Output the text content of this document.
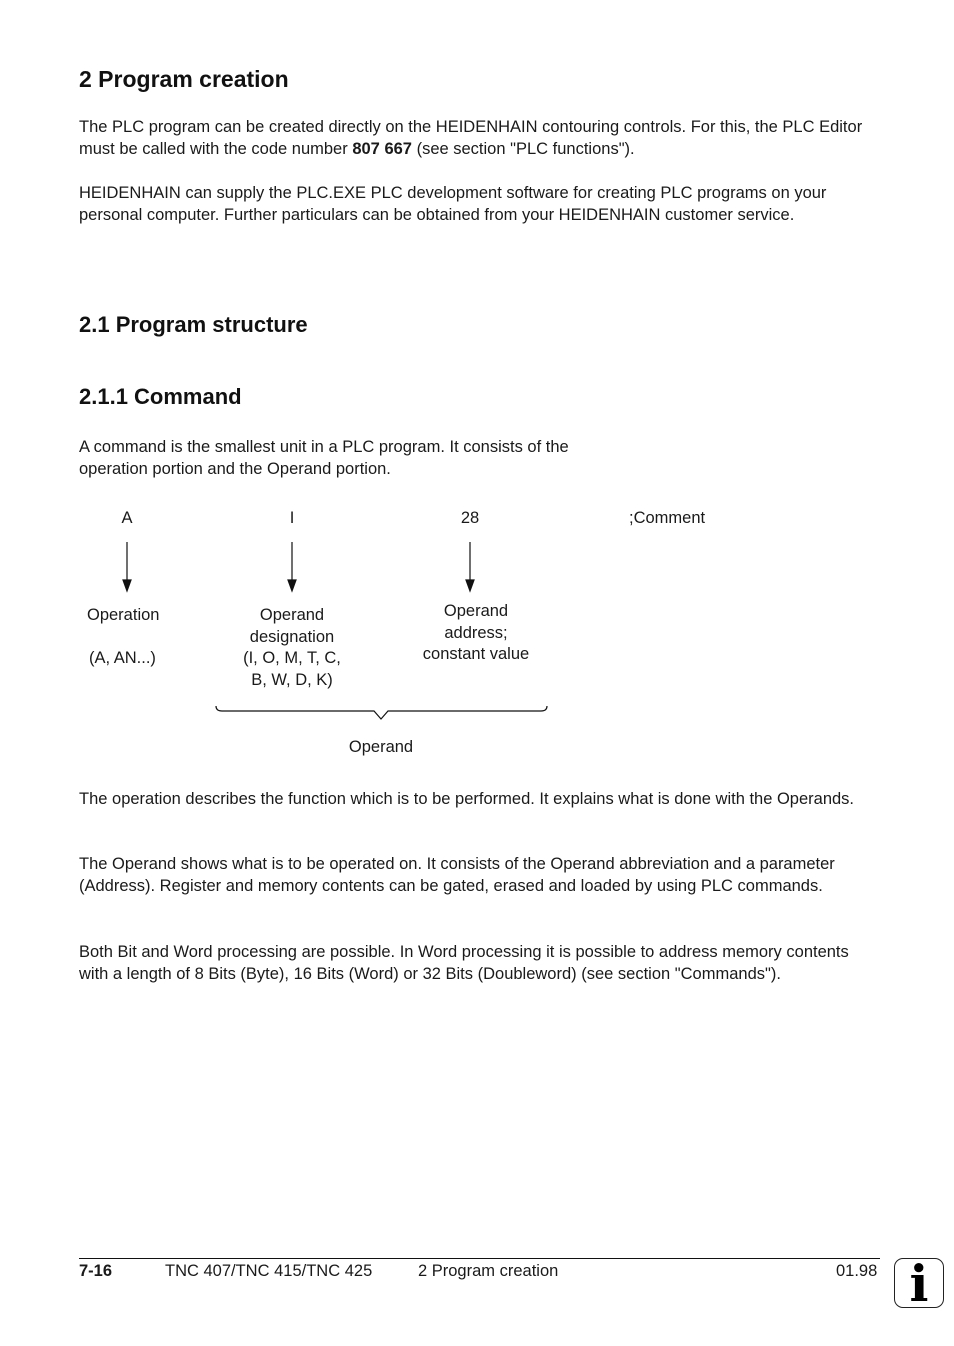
2 Program creation

The PLC program can be created directly on the HEIDENHAIN contouring controls. For this, the PLC Editor must be called with the code number 807 667 (see section "PLC functions").

HEIDENHAIN can supply the PLC.EXE PLC development software for creating PLC programs on your personal computer. Further particulars can be obtained from your HEIDENHAIN customer service.

2.1 Program structure
2.1.1 Command

A command is the smallest unit in a PLC program. It consists of the operation portion and the Operand portion.

A	I	28	;Comment
Operation
(A, AN...)
Operand
designation
(I, O, M, T, C,
B, W, D, K)
Operand
address;
constant value
Operand

The operation describes the function which is to be performed. It explains what is done with the Operands.

The Operand shows what is to be operated on. It consists of the Operand abbreviation and a parameter (Address). Register and memory contents can be gated, erased and loaded by using PLC commands.

Both Bit and Word processing are possible. In Word processing it is possible to address memory contents with a length of 8 Bits (Byte), 16 Bits (Word) or 32 Bits (Doubleword) (see section "Commands").

7-16	TNC 407/TNC 415/TNC 425	2 Program creation	01.98 i
